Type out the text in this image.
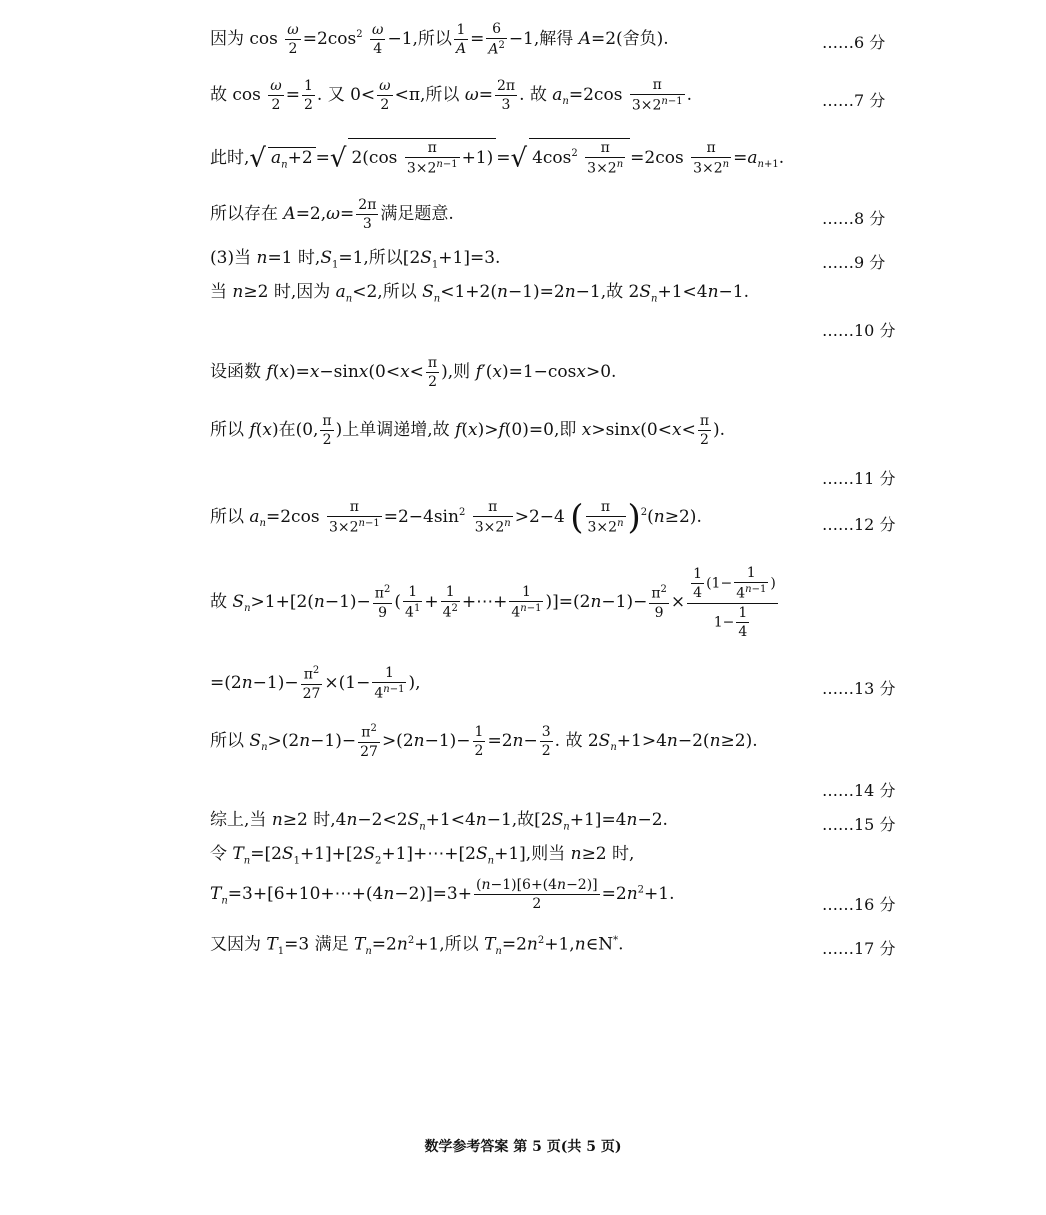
因为 $\cos \frac{\omega}{2} =2\cos^2 \frac{\omega}{4} -1$,所以 $\frac{1}{A} = \frac{6}{A^2} -1$,解得 A=2(舍负).	……6 分
故 $\cos \frac{\omega}{2} = \frac{1}{2}$ . 又 $0< \frac{\omega}{2} <\pi$,所以 $\omega= \frac{2\pi}{3}$ . 故 $a_n=2\cos \frac{\pi}{3\times 2^{n-1}}$ .	……7 分
此时,√ $a_n+2$ =√ $2(\cos \frac{\pi}{3\times 2^{n-1}} +1)$ =√ $4\cos^2 \frac{\pi}{3\times 2^n} =2\cos \frac{\pi}{3\times 2^n} =a_{n+1}$.
所以存在 $A=2,\omega= \frac{2\pi}{3}$ 满足题意.	……8 分
(3)当 n=1 时$,S_1=1$,所以$[2S_1+1]=3$.	……9 分
当 n≥2 时,因为 $a_n<2$,所以 $S_n<1+2(n-1)=2n-1$,故 $2S_n+1<4n-1$.
……10 分
设函数 $f(x)=x-\sin x(0<x< \frac{\pi}{2}$ ),则 f′(x)=1−cosx>0.
所以 f(x)在(0, $\frac{\pi}{2}$ )上单调递增,故 f(x)>f(0)=0,即 $x>\sin x(0<x< \frac{\pi}{2}$ ).
……11 分
所以 $a_n=2\cos \frac{\pi}{3\times 2^{n-1}} =2-4\sin^2 \frac{\pi}{3\times 2^n} >2-4$ ( $\frac{\pi}{3\times 2^n} )^2(n\ge 2)$.	……12 分
故 $S_n>1+[2(n-1)- \frac{\pi^2}{9}$ ( $\frac{1}{4^1} + \frac{1}{4^2}$ +⋯+ $\frac{1}{4^{n-1}} )]=(2n-1)- \frac{\pi^2}{9} \times \frac{\frac{1}{4} (1- \frac{1}{4^{n-1}} )}{1- \frac{1}{4}}$
$=(2n-1)- \frac{\pi^2}{27} \times(1- \frac{1}{4^{n-1}}$ ),	……13 分
所以 $S_n>(2n-1)- \frac{\pi^2}{27} >(2n-1)- \frac{1}{2} =2n- \frac{3}{2}$ . 故 $2S_n+1>4n-2(n\ge 2)$.
……14 分
综上,当 n≥2 时$,4n-2<2S_n+1<4n-1$,故$[2S_n+1]=4n-2$.	……15 分
令 $T_n=[2S_1+1]+[2S_2+1]+\cdots+[2S_n+1]$,则当 n≥2 时,
$T_n=3+[6+10+\cdots+(4n-2)]=3+ \frac{(n-1)[6+(4n-2)]}{2} =2n^2+1$.
……16 分
又因为 $T_1=3$ 满足 $T_n=2n^2+1$,所以 $T_n=2n^2+1,n\in N^*$.	……17 分
数学参考答案 第 5 页(共 5 页)
